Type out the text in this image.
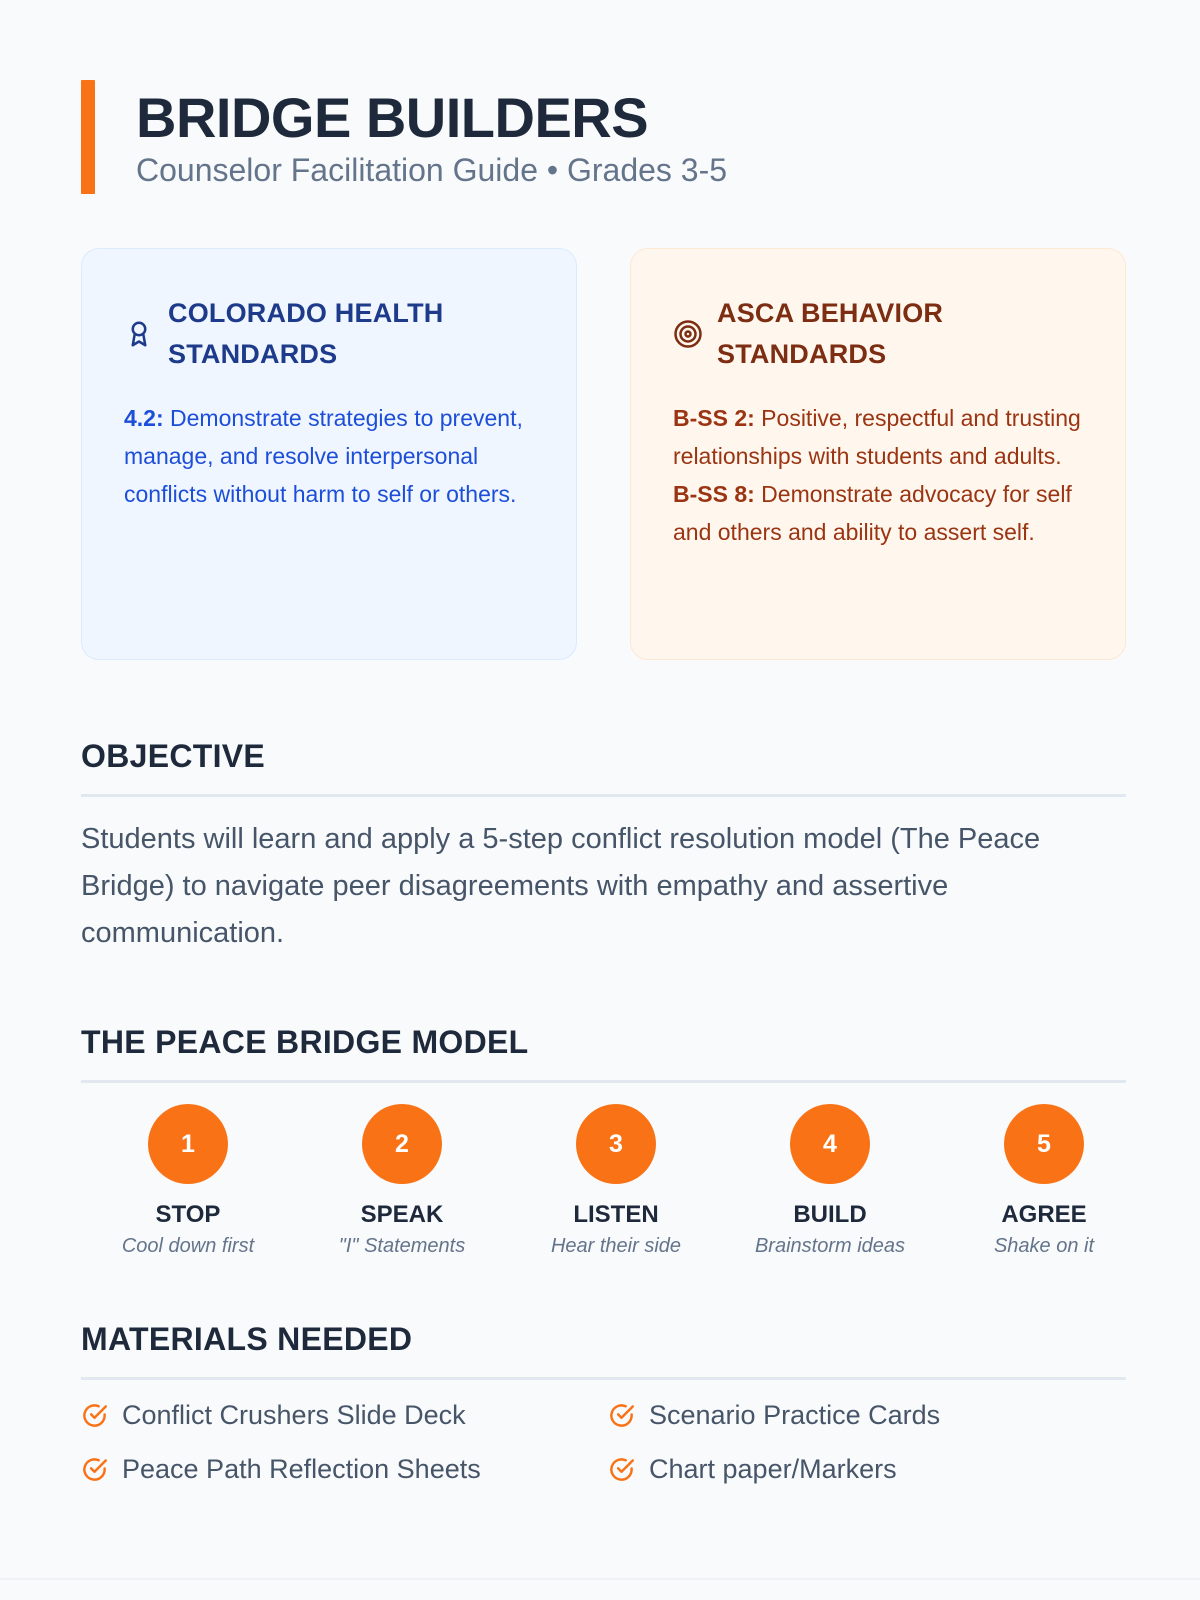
BRIDGE BUILDERS

Counselor Facilitation Guide • Grades 3-5

COLORADO HEALTH STANDARDS
4.2: Demonstrate strategies to prevent, manage, and resolve interpersonal conflicts without harm to self or others.
ASCA BEHAVIOR STANDARDS
B-SS 2: Positive, respectful and trusting relationships with students and adults.
B-SS 8: Demonstrate advocacy for self and others and ability to assert self.
OBJECTIVE

Students will learn and apply a 5-step conflict resolution model (The Peace Bridge) to navigate peer disagreements with empathy and assertive communication.

THE PEACE BRIDGE MODEL
1
STOP
Cool down first
2
SPEAK
"I" Statements
3
LISTEN
Hear their side
4
BUILD
Brainstorm ideas
5
AGREE
Shake on it
MATERIALS NEEDED
Conflict Crushers Slide Deck	Scenario Practice Cards
Peace Path Reflection Sheets	Chart paper/Markers
